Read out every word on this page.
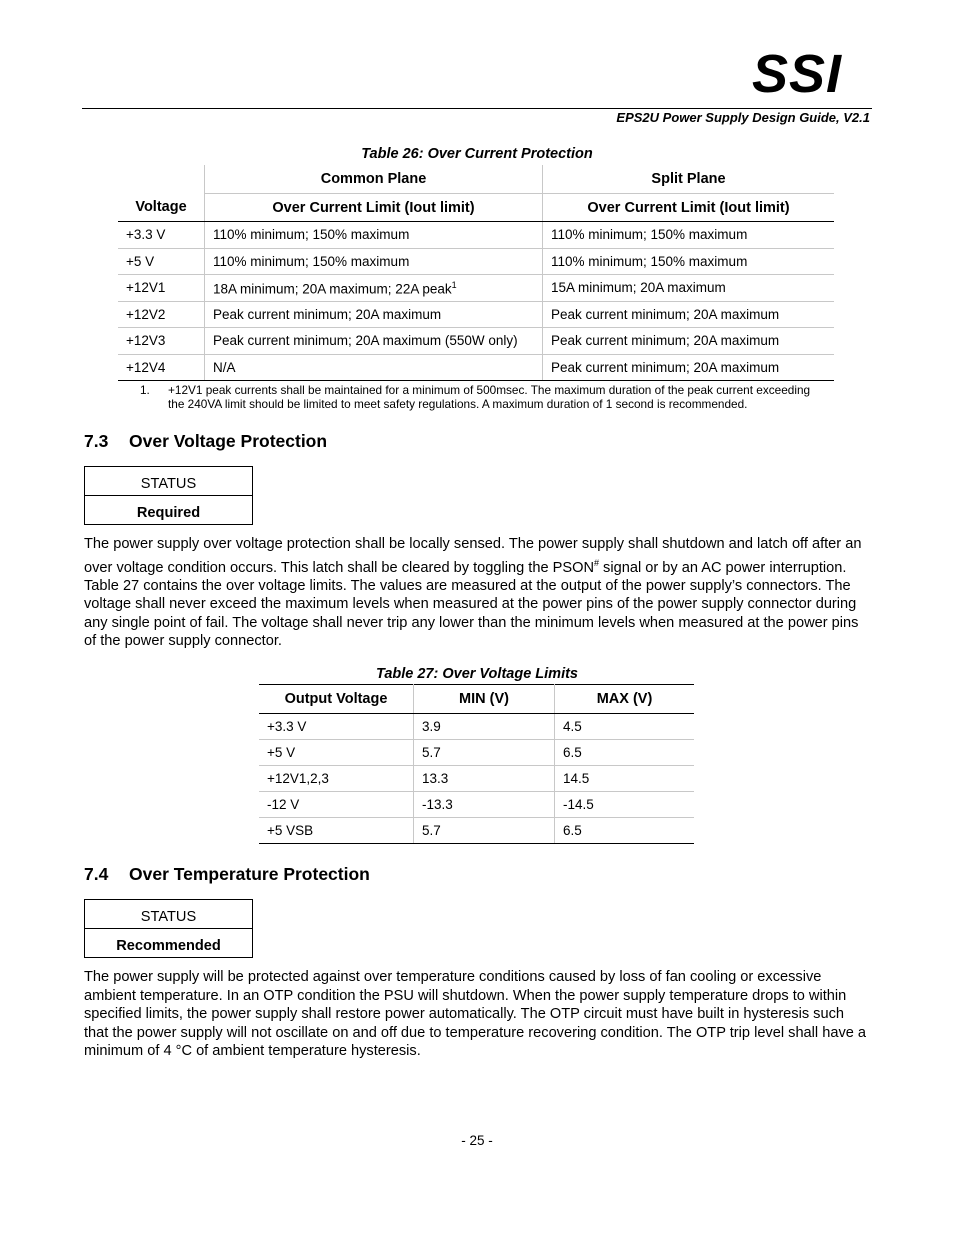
SSI
EPS2U Power Supply Design Guide, V2.1
Table 26: Over Current Protection
	Common Plane	Split Plane
Voltage	Over Current Limit (Iout limit)	Over Current Limit (Iout limit)
+3.3 V	110% minimum; 150% maximum	110% minimum; 150% maximum
+5 V	110% minimum; 150% maximum	110% minimum; 150% maximum
+12V1	18A minimum; 20A maximum; 22A peak$^1$	15A minimum; 20A maximum
+12V2	Peak current minimum; 20A maximum	Peak current minimum; 20A maximum
+12V3	Peak current minimum; 20A maximum (550W only)	Peak current minimum; 20A maximum
+12V4	N/A	Peak current minimum; 20A maximum
1. +12V1 peak currents shall be maintained for a minimum of 500msec. The maximum duration of the peak current exceeding
the 240VA limit should be limited to meet safety regulations. A maximum duration of 1 second is recommended.
7.3 Over Voltage Protection
STATUS
Required
The power supply over voltage protection shall be locally sensed. The power supply shall shutdown and latch off after an over voltage condition occurs. This latch shall be cleared by toggling the PSON# signal or by an AC power interruption. Table 27 contains the over voltage limits. The values are measured at the output of the power supply’s connectors. The voltage shall never exceed the maximum levels when measured at the power pins of the power supply connector during any single point of fail. The voltage shall never trip any lower than the minimum levels when measured at the power pins of the power supply connector.
Table 27: Over Voltage Limits
Output Voltage	MIN (V)	MAX (V)
+3.3 V	3.9	4.5
+5 V	5.7	6.5
+12V1,2,3	13.3	14.5
-12 V	-13.3	-14.5
+5 VSB	5.7	6.5
7.4 Over Temperature Protection
STATUS
Recommended
The power supply will be protected against over temperature conditions caused by loss of fan cooling or excessive ambient temperature. In an OTP condition the PSU will shutdown. When the power supply temperature drops to within specified limits, the power supply shall restore power automatically. The OTP circuit must have built in hysteresis such that the power supply will not oscillate on and off due to temperature recovering condition. The OTP trip level shall have a minimum of 4 °C of ambient temperature hysteresis.
- 25 -
